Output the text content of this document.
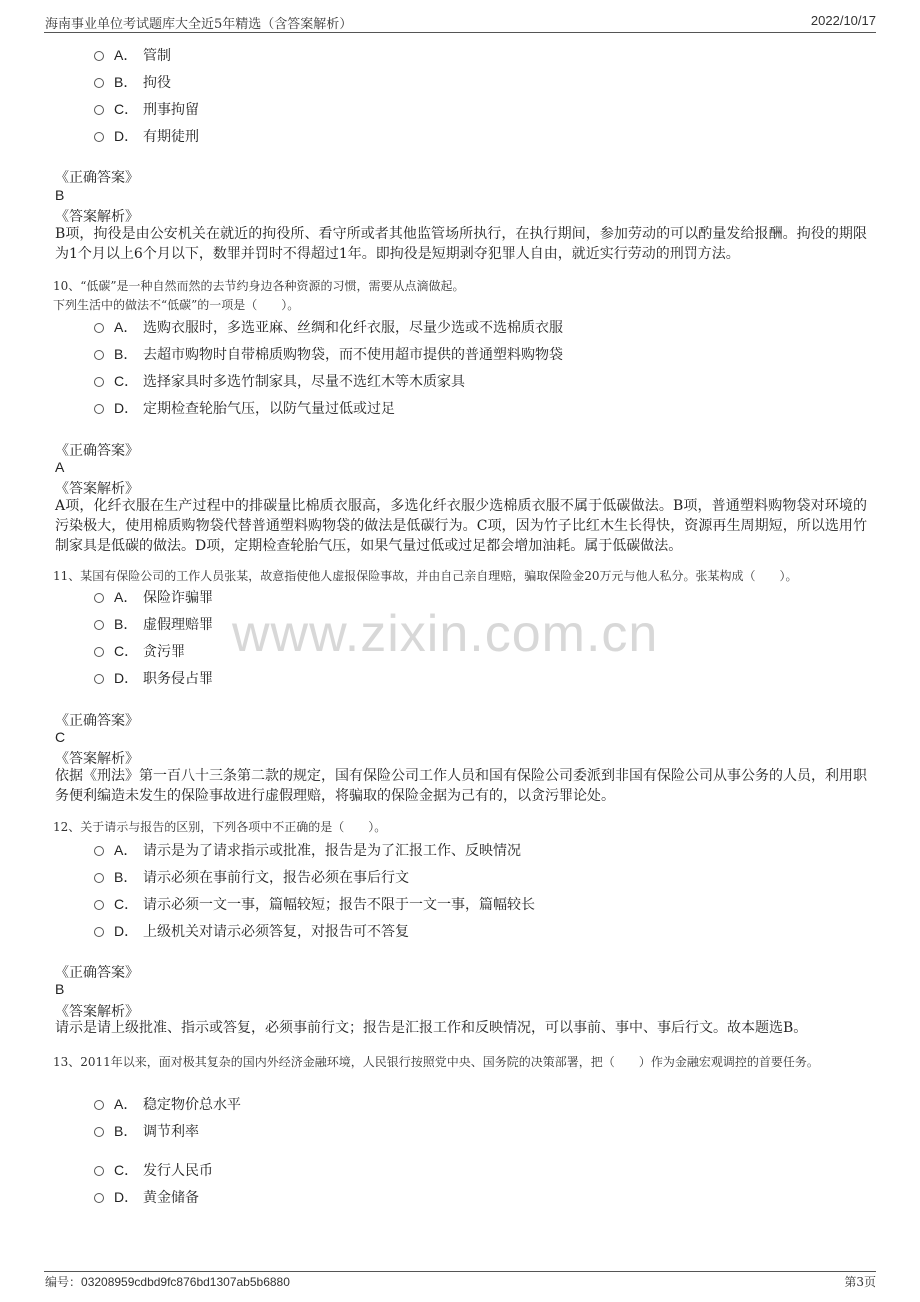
海南事业单位考试题库大全近5年精选（含答案解析）	2022/10/17
www.zixin.com.cn
A． 管制
B． 拘役
C． 刑事拘留
D． 有期徒刑
《正确答案》
B
《答案解析》
B项，拘役是由公安机关在就近的拘役所、看守所或者其他监管场所执行，在执行期间，参加劳动的可以酌量发给报酬。拘役的期限为1个月以上6个月以下，数罪并罚时不得超过1年。即拘役是短期剥夺犯罪人自由，就近实行劳动的刑罚方法。
10、“低碳”是一种自然而然的去节约身边各种资源的习惯，需要从点滴做起。
下列生活中的做法不“低碳”的一项是（　　）。
A． 选购衣服时，多选亚麻、丝绸和化纤衣服，尽量少选或不选棉质衣服
B． 去超市购物时自带棉质购物袋，而不使用超市提供的普通塑料购物袋
C． 选择家具时多选竹制家具，尽量不选红木等木质家具
D． 定期检查轮胎气压，以防气量过低或过足
《正确答案》
A
《答案解析》
A项，化纤衣服在生产过程中的排碳量比棉质衣服高，多选化纤衣服少选棉质衣服不属于低碳做法。B项，普通塑料购物袋对环境的污染极大，使用棉质购物袋代替普通塑料购物袋的做法是低碳行为。C项，因为竹子比红木生长得快，资源再生周期短，所以选用竹制家具是低碳的做法。D项，定期检查轮胎气压，如果气量过低或过足都会增加油耗。属于低碳做法。
11、某国有保险公司的工作人员张某，故意指使他人虚报保险事故，并由自己亲自理赔，骗取保险金20万元与他人私分。张某构成（　　）。
A． 保险诈骗罪
B． 虚假理赔罪
C． 贪污罪
D． 职务侵占罪
《正确答案》
C
《答案解析》
依据《刑法》第一百八十三条第二款的规定，国有保险公司工作人员和国有保险公司委派到非国有保险公司从事公务的人员，利用职务便利编造未发生的保险事故进行虚假理赔，将骗取的保险金据为己有的，以贪污罪论处。
12、关于请示与报告的区别，下列各项中不正确的是（　　）。
A． 请示是为了请求指示或批准，报告是为了汇报工作、反映情况
B． 请示必须在事前行文，报告必须在事后行文
C． 请示必须一文一事，篇幅较短；报告不限于一文一事，篇幅较长
D． 上级机关对请示必须答复，对报告可不答复
《正确答案》
B
《答案解析》
请示是请上级批准、指示或答复，必须事前行文；报告是汇报工作和反映情况，可以事前、事中、事后行文。故本题选B。
13、2011年以来，面对极其复杂的国内外经济金融环境，人民银行按照党中央、国务院的决策部署，把（　　）作为金融宏观调控的首要任务。
A． 稳定物价总水平
B． 调节利率
C． 发行人民币
D． 黄金储备
编号：03208959cdbd9fc876bd1307ab5b6880	第3页
